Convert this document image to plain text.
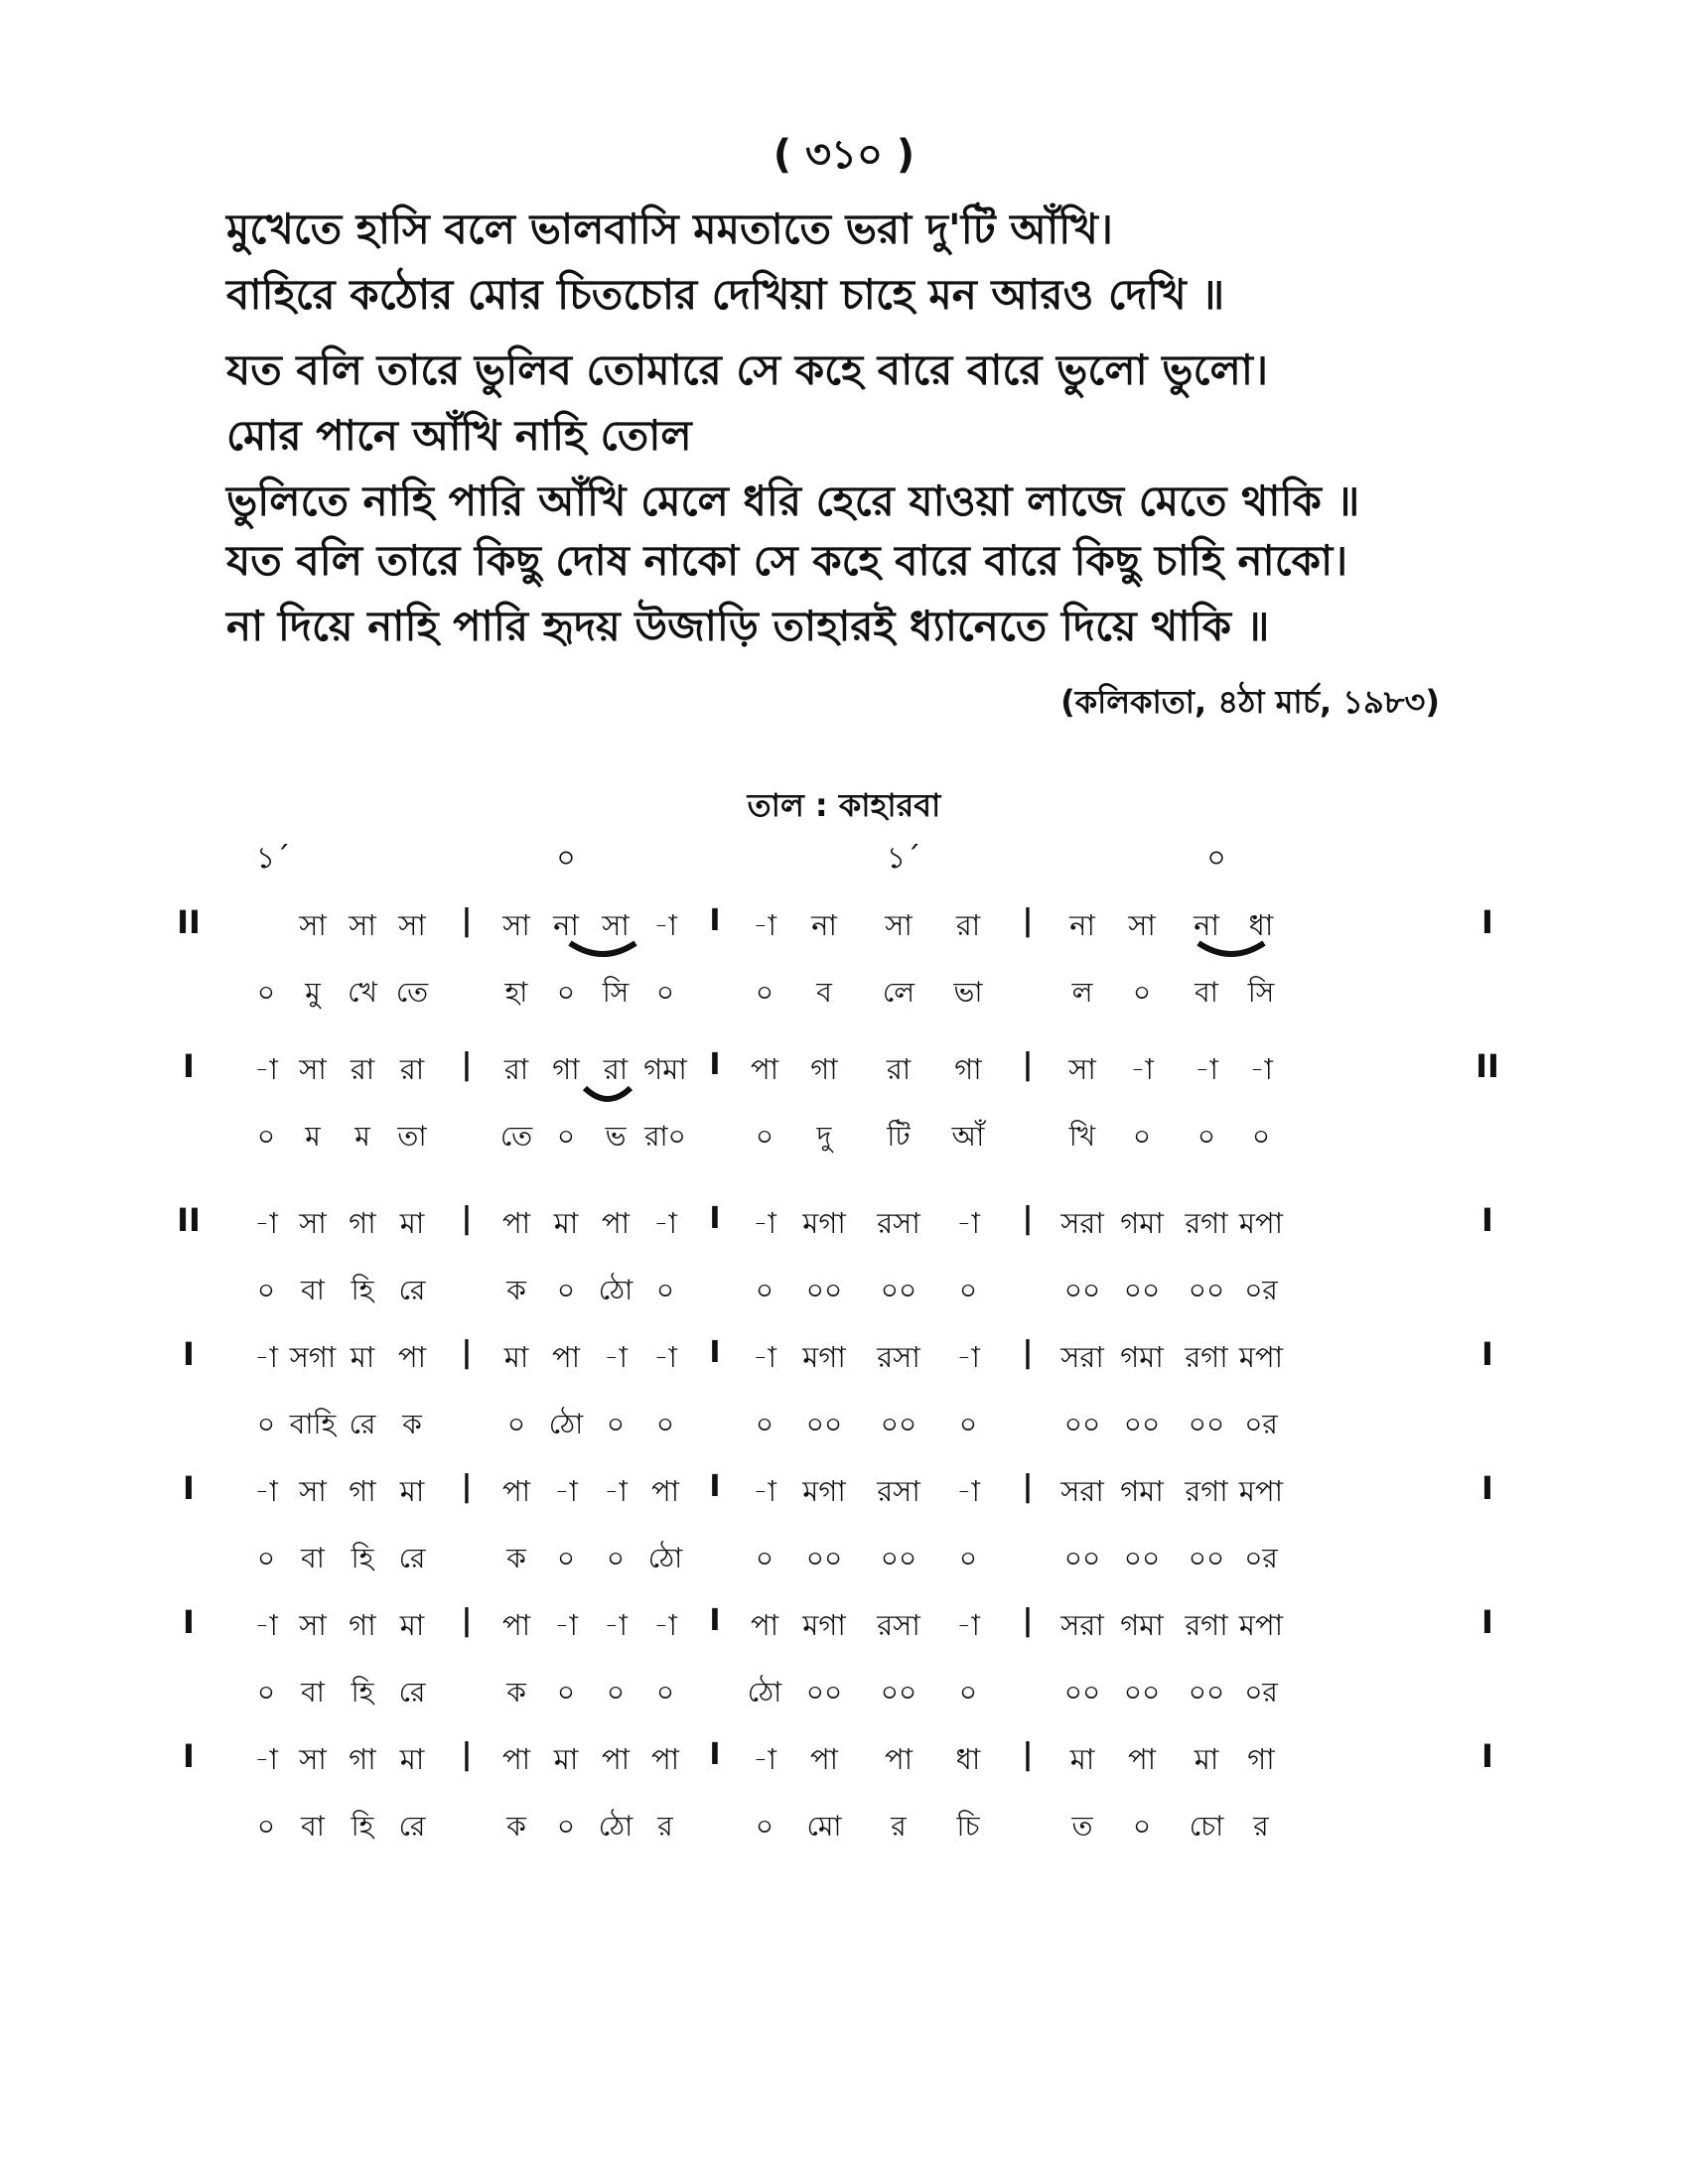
( ৩১০ )

মুখেতে হাসি বলে ভালবাসি মমতাতে ভরা দু'টি আঁখি।

বাহিরে কঠোর মোর চিতচোর দেখিয়া চাহে মন আরও দেখি ॥

যত বলি তারে ভুলিব তোমারে সে কহে বারে বারে ভুলো ভুলো।

মোর পানে আঁখি নাহি তোল

ভুলিতে নাহি পারি আঁখি মেলে ধরি হেরে যাওয়া লাজে মেতে থাকি ॥

যত বলি তারে কিছু দোষ নাকো সে কহে বারে বারে কিছু চাহি নাকো।

না দিয়ে নাহি পারি হৃদয় উজাড়ি তাহারই ধ্যানেতে দিয়ে থাকি ॥

(কলিকাতা, ৪ঠা মার্চ, ১৯৮৩)
তাল : কাহারবা
১´	০	১´	০
II	I
সা সা সা | সা না সা -া I -া না সা রা | না সা না ধা
০ মু খে তে	হা ০ সি ০	০ ব লে ভা	ল ০ বা সি
I	II
-া সা রা রা | রা গা রা গমা I পা গা রা গা | সা -া -া -া
০ ম ম তা	তে ০ ভ রা০	০ দু টি আঁ	খি ০ ০ ০
II	I
-া সা গা মা | পা মা পা -া I -া মগা রসা -া | সরা গমা রগা মপা
০ বা হি রে	ক ০ ঠো ০	০ ০০ ০০ ০	০০ ০০ ০০ ০র
I	I
-া সগা মা পা | মা পা -া -া I -া মগা রসা -া | সরা গমা রগা মপা
০ বাহি রে ক	০ ঠো ০ ০	০ ০০ ০০ ০	০০ ০০ ০০ ০র
I	I
-া সা গা মা | পা -া -া পা I -া মগা রসা -া | সরা গমা রগা মপা
০ বা হি রে	ক ০ ০ ঠো	০ ০০ ০০ ০	০০ ০০ ০০ ০র
I	I
-া সা গা মা | পা -া -া -া I পা মগা রসা -া | সরা গমা রগা মপা
০ বা হি রে	ক ০ ০ ০	ঠো ০০ ০০ ০	০০ ০০ ০০ ০র
I	I
-া সা গা মা | পা মা পা পা I -া পা পা ধা | মা পা মা গা
০ বা হি রে	ক ০ ঠো র	০ মো র চি	ত ০ চো র
